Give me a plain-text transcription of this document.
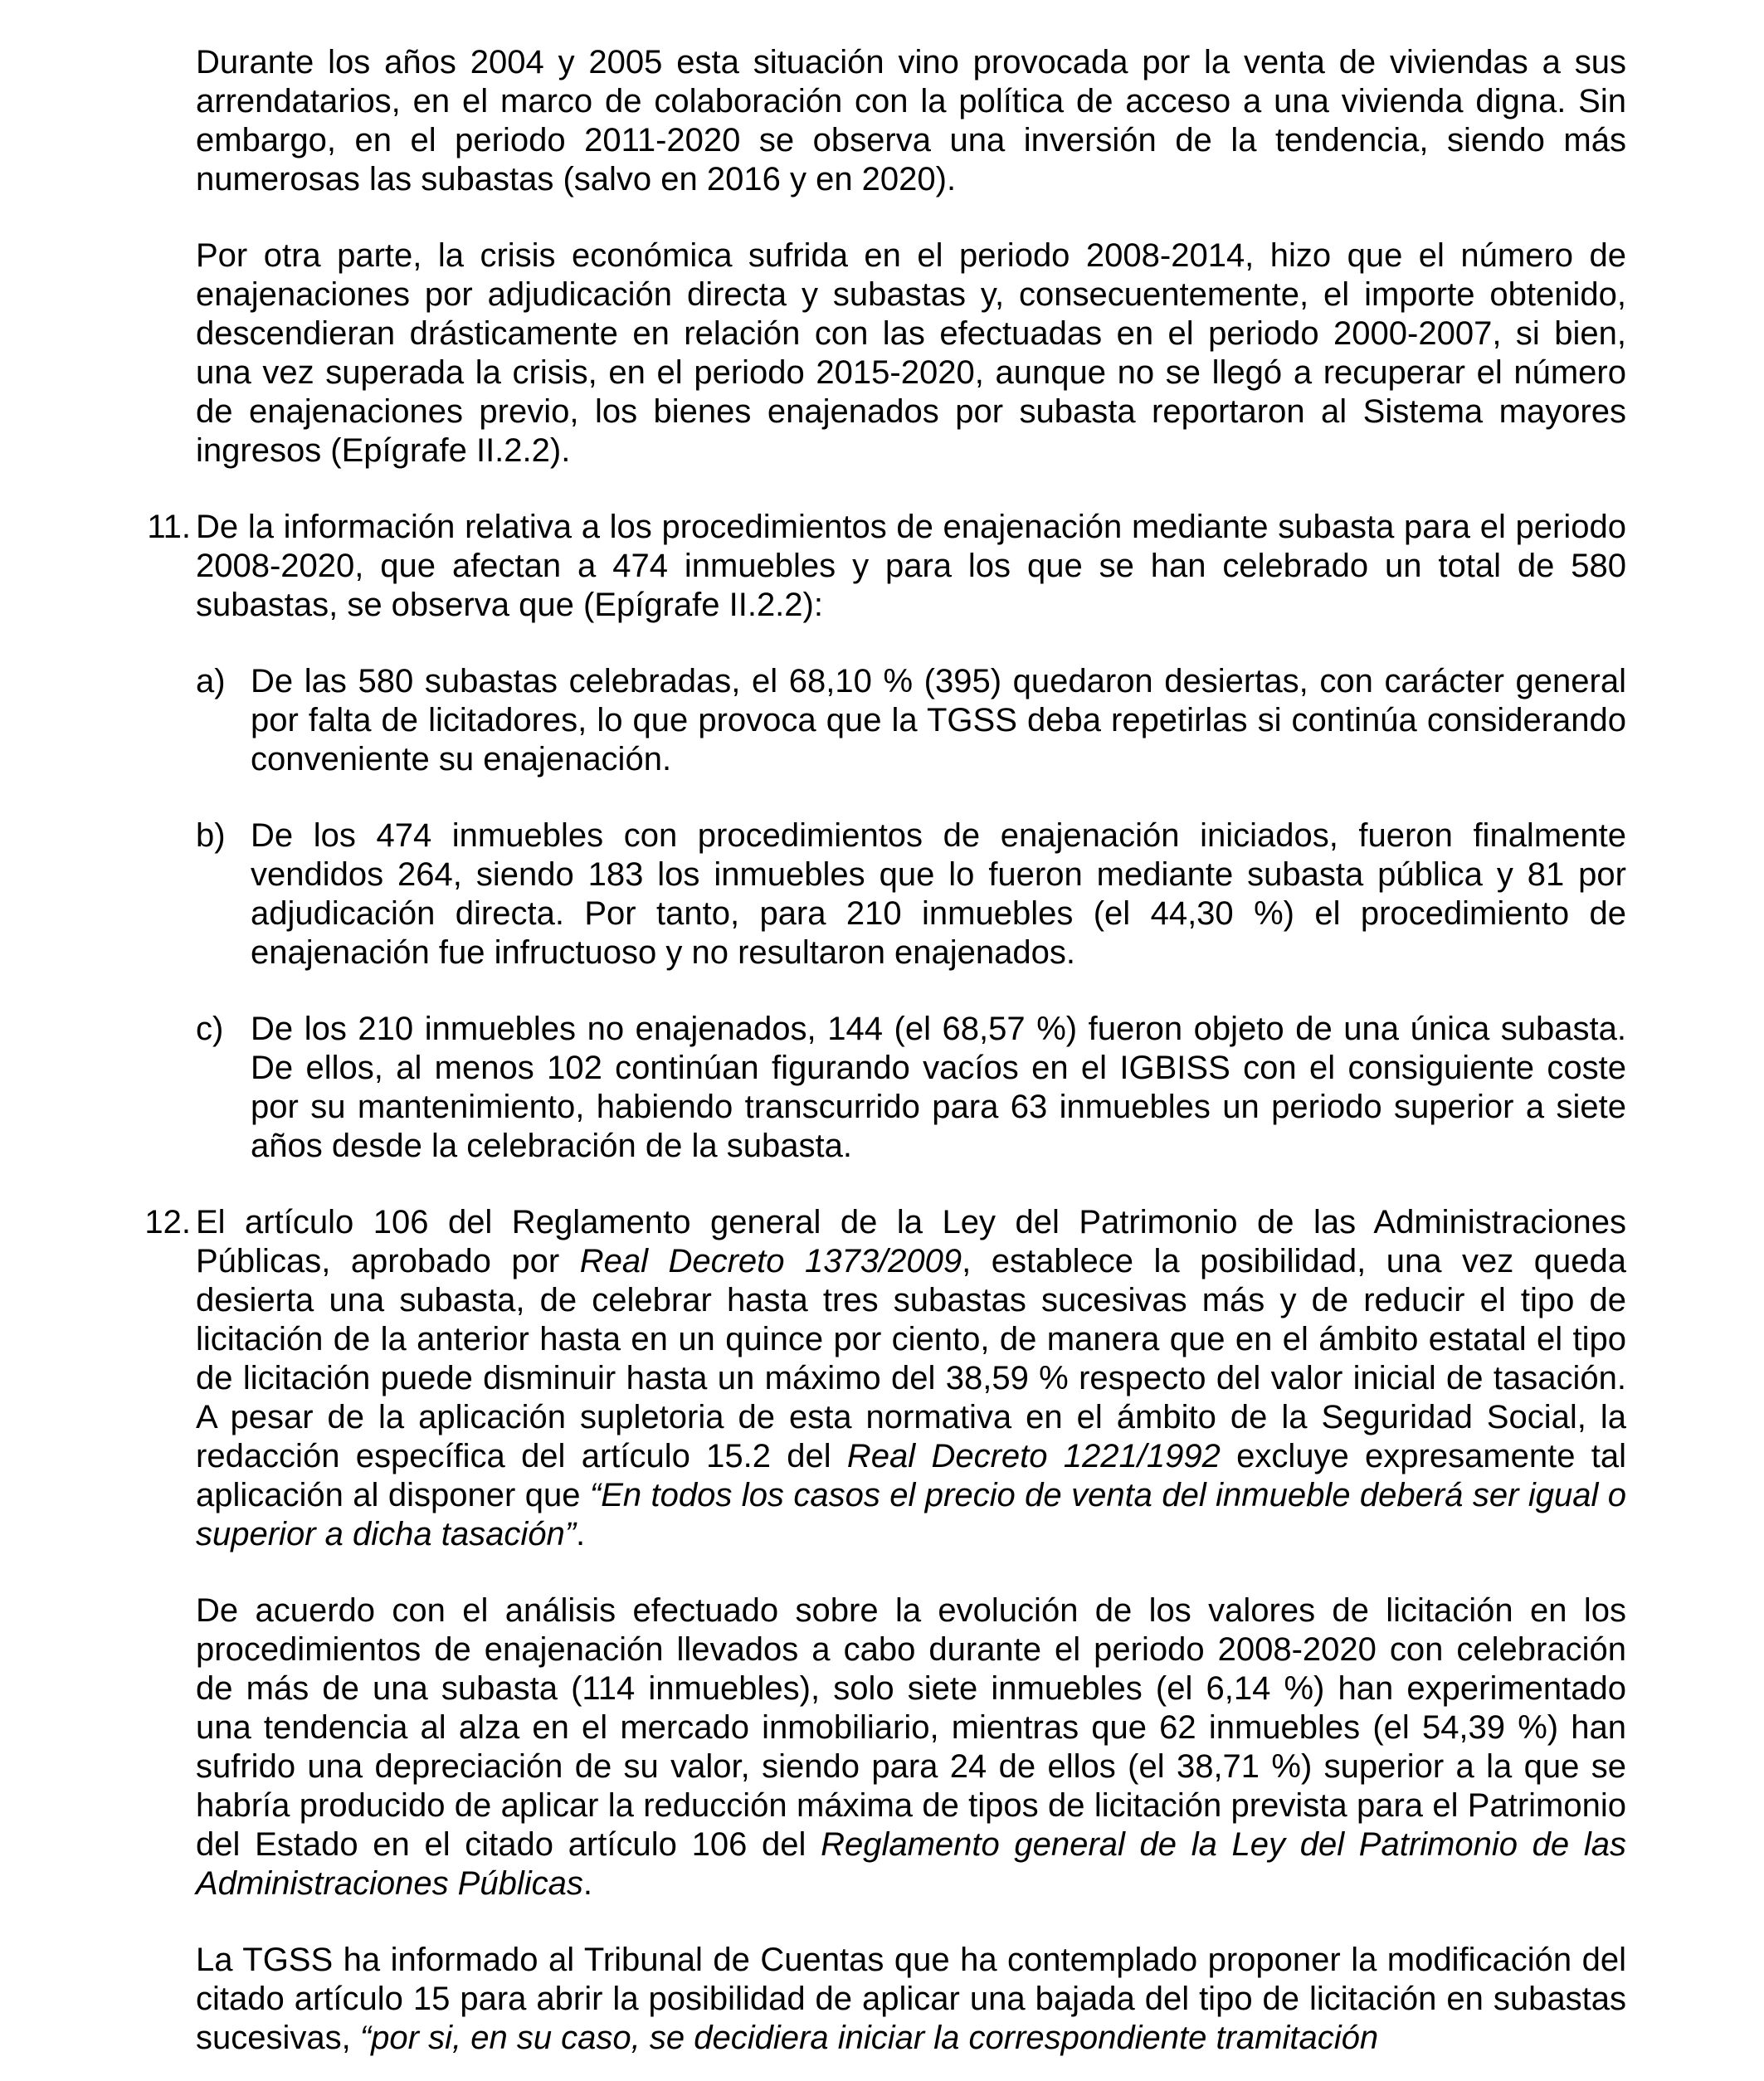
Durante los años 2004 y 2005 esta situación vino provocada por la venta de viviendas a sus arrendatarios, en el marco de colaboración con la política de acceso a una vivienda digna. Sin embargo, en el periodo 2011-2020 se observa una inversión de la tendencia, siendo más numerosas las subastas (salvo en 2016 y en 2020).

Por otra parte, la crisis económica sufrida en el periodo 2008-2014, hizo que el número de enajenaciones por adjudicación directa y subastas y, consecuentemente, el importe obtenido, descendieran drásticamente en relación con las efectuadas en el periodo 2000-2007, si bien, una vez superada la crisis, en el periodo 2015-2020, aunque no se llegó a recuperar el número de enajenaciones previo, los bienes enajenados por subasta reportaron al Sistema mayores ingresos (Epígrafe II.2.2).

11. De la información relativa a los procedimientos de enajenación mediante subasta para el periodo 2008-2020, que afectan a 474 inmuebles y para los que se han celebrado un total de 580 subastas, se observa que (Epígrafe II.2.2):

a) De las 580 subastas celebradas, el 68,10 % (395) quedaron desiertas, con carácter general por falta de licitadores, lo que provoca que la TGSS deba repetirlas si continúa considerando conveniente su enajenación.

b) De los 474 inmuebles con procedimientos de enajenación iniciados, fueron finalmente vendidos 264, siendo 183 los inmuebles que lo fueron mediante subasta pública y 81 por adjudicación directa. Por tanto, para 210 inmuebles (el 44,30 %) el procedimiento de enajenación fue infructuoso y no resultaron enajenados.

c) De los 210 inmuebles no enajenados, 144 (el 68,57 %) fueron objeto de una única subasta. De ellos, al menos 102 continúan figurando vacíos en el IGBISS con el consiguiente coste por su mantenimiento, habiendo transcurrido para 63 inmuebles un periodo superior a siete años desde la celebración de la subasta.

12. El artículo 106 del Reglamento general de la Ley del Patrimonio de las Administraciones Públicas, aprobado por Real Decreto 1373/2009, establece la posibilidad, una vez queda desierta una subasta, de celebrar hasta tres subastas sucesivas más y de reducir el tipo de licitación de la anterior hasta en un quince por ciento, de manera que en el ámbito estatal el tipo de licitación puede disminuir hasta un máximo del 38,59 % respecto del valor inicial de tasación. A pesar de la aplicación supletoria de esta normativa en el ámbito de la Seguridad Social, la redacción específica del artículo 15.2 del Real Decreto 1221/1992 excluye expresamente tal aplicación al disponer que “En todos los casos el precio de venta del inmueble deberá ser igual o superior a dicha tasación”.

De acuerdo con el análisis efectuado sobre la evolución de los valores de licitación en los procedimientos de enajenación llevados a cabo durante el periodo 2008-2020 con celebración de más de una subasta (114 inmuebles), solo siete inmuebles (el 6,14 %) han experimentado una tendencia al alza en el mercado inmobiliario, mientras que 62 inmuebles (el 54,39 %) han sufrido una depreciación de su valor, siendo para 24 de ellos (el 38,71 %) superior a la que se habría producido de aplicar la reducción máxima de tipos de licitación prevista para el Patrimonio del Estado en el citado artículo 106 del Reglamento general de la Ley del Patrimonio de las Administraciones Públicas.

La TGSS ha informado al Tribunal de Cuentas que ha contemplado proponer la modificación del citado artículo 15 para abrir la posibilidad de aplicar una bajada del tipo de licitación en subastas sucesivas, “por si, en su caso, se decidiera iniciar la correspondiente tramitación
